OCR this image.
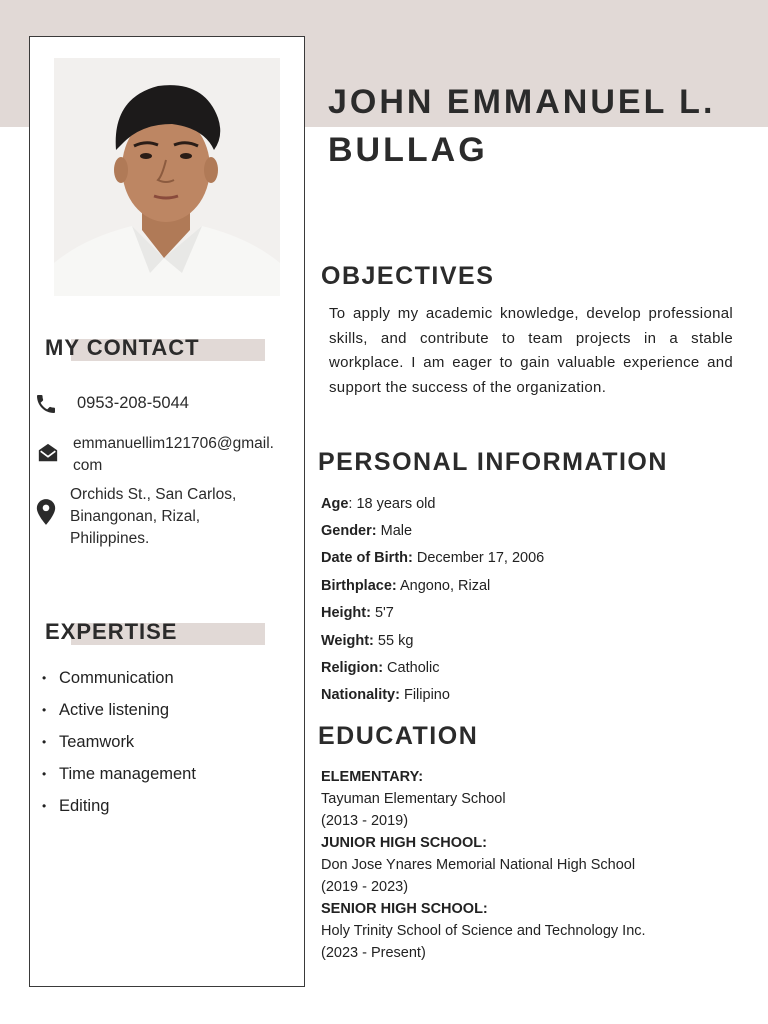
JOHN EMMANUEL L.
BULLAG
MY CONTACT
0953-208-5044
emmanuellim121706@gmail.
com
Orchids St., San Carlos,
Binangonan, Rizal,
Philippines.
EXPERTISE
• Communication
• Active listening
• Teamwork
• Time management
• Editing
OBJECTIVES
To apply my academic knowledge, develop professional skills, and contribute to team projects in a stable workplace. I am eager to gain valuable experience and support the success of the organization.
PERSONAL INFORMATION
Age: 18 years old
Gender: Male
Date of Birth: December 17, 2006
Birthplace: Angono, Rizal
Height: 5'7
Weight: 55 kg
Religion: Catholic
Nationality: Filipino
EDUCATION
ELEMENTARY:
Tayuman Elementary School
(2013 - 2019)
JUNIOR HIGH SCHOOL:
Don Jose Ynares Memorial National High School
(2019 - 2023)
SENIOR HIGH SCHOOL:
Holy Trinity School of Science and Technology Inc.
(2023 - Present)
